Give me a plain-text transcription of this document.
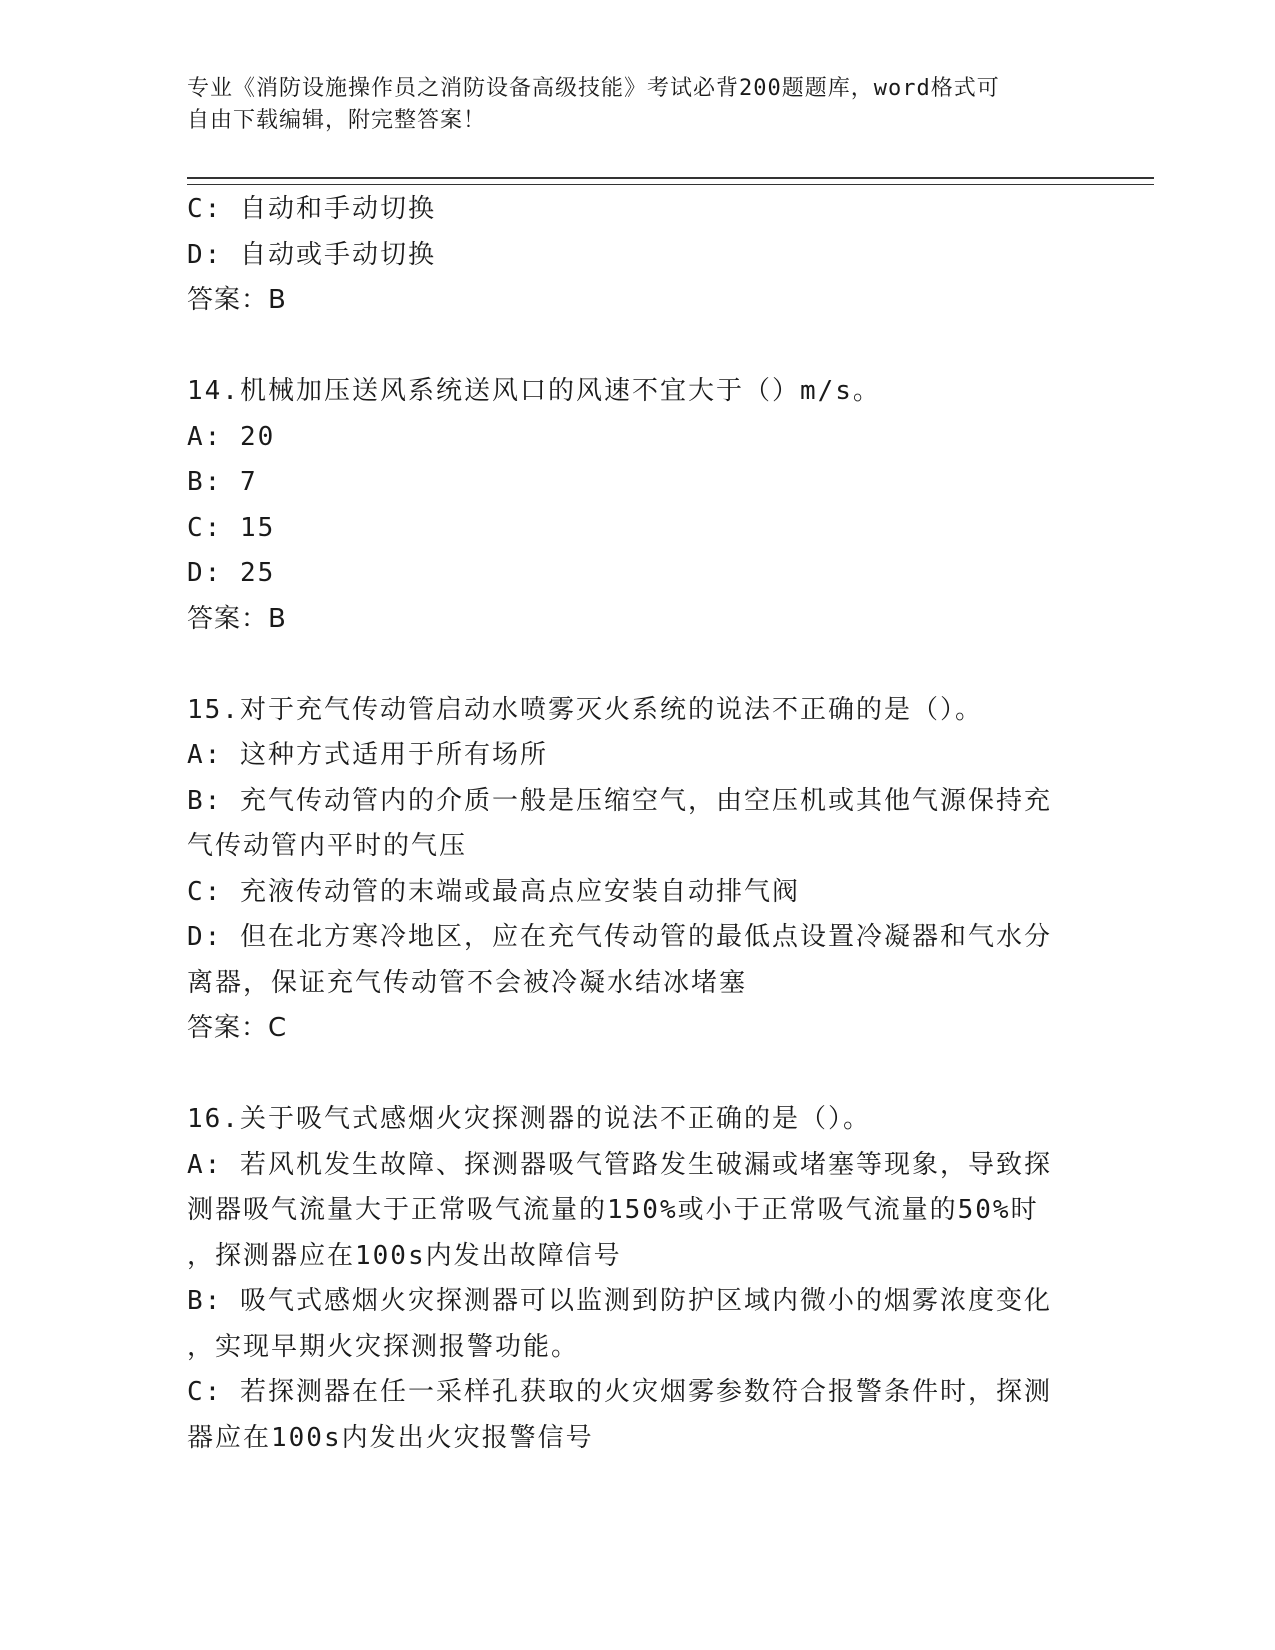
专业《消防设施操作员之消防设备高级技能》考试必背200题题库，word格式可
自由下载编辑，附完整答案！
C: 自动和手动切换
D: 自动或手动切换
答案：B
14.机械加压送风系统送风口的风速不宜大于（）m/s。
A: 20
B: 7
C: 15
D: 25
答案：B
15.对于充气传动管启动水喷雾灭火系统的说法不正确的是（）。
A: 这种方式适用于所有场所
B: 充气传动管内的介质一般是压缩空气，由空压机或其他气源保持充
气传动管内平时的气压
C: 充液传动管的末端或最高点应安装自动排气阀
D: 但在北方寒冷地区，应在充气传动管的最低点设置冷凝器和气水分
离器，保证充气传动管不会被冷凝水结冰堵塞
答案：C
16.关于吸气式感烟火灾探测器的说法不正确的是（）。
A: 若风机发生故障、探测器吸气管路发生破漏或堵塞等现象，导致探
测器吸气流量大于正常吸气流量的150%或小于正常吸气流量的50%时
，探测器应在100s内发出故障信号
B: 吸气式感烟火灾探测器可以监测到防护区域内微小的烟雾浓度变化
，实现早期火灾探测报警功能。
C: 若探测器在任一采样孔获取的火灾烟雾参数符合报警条件时，探测
器应在100s内发出火灾报警信号
